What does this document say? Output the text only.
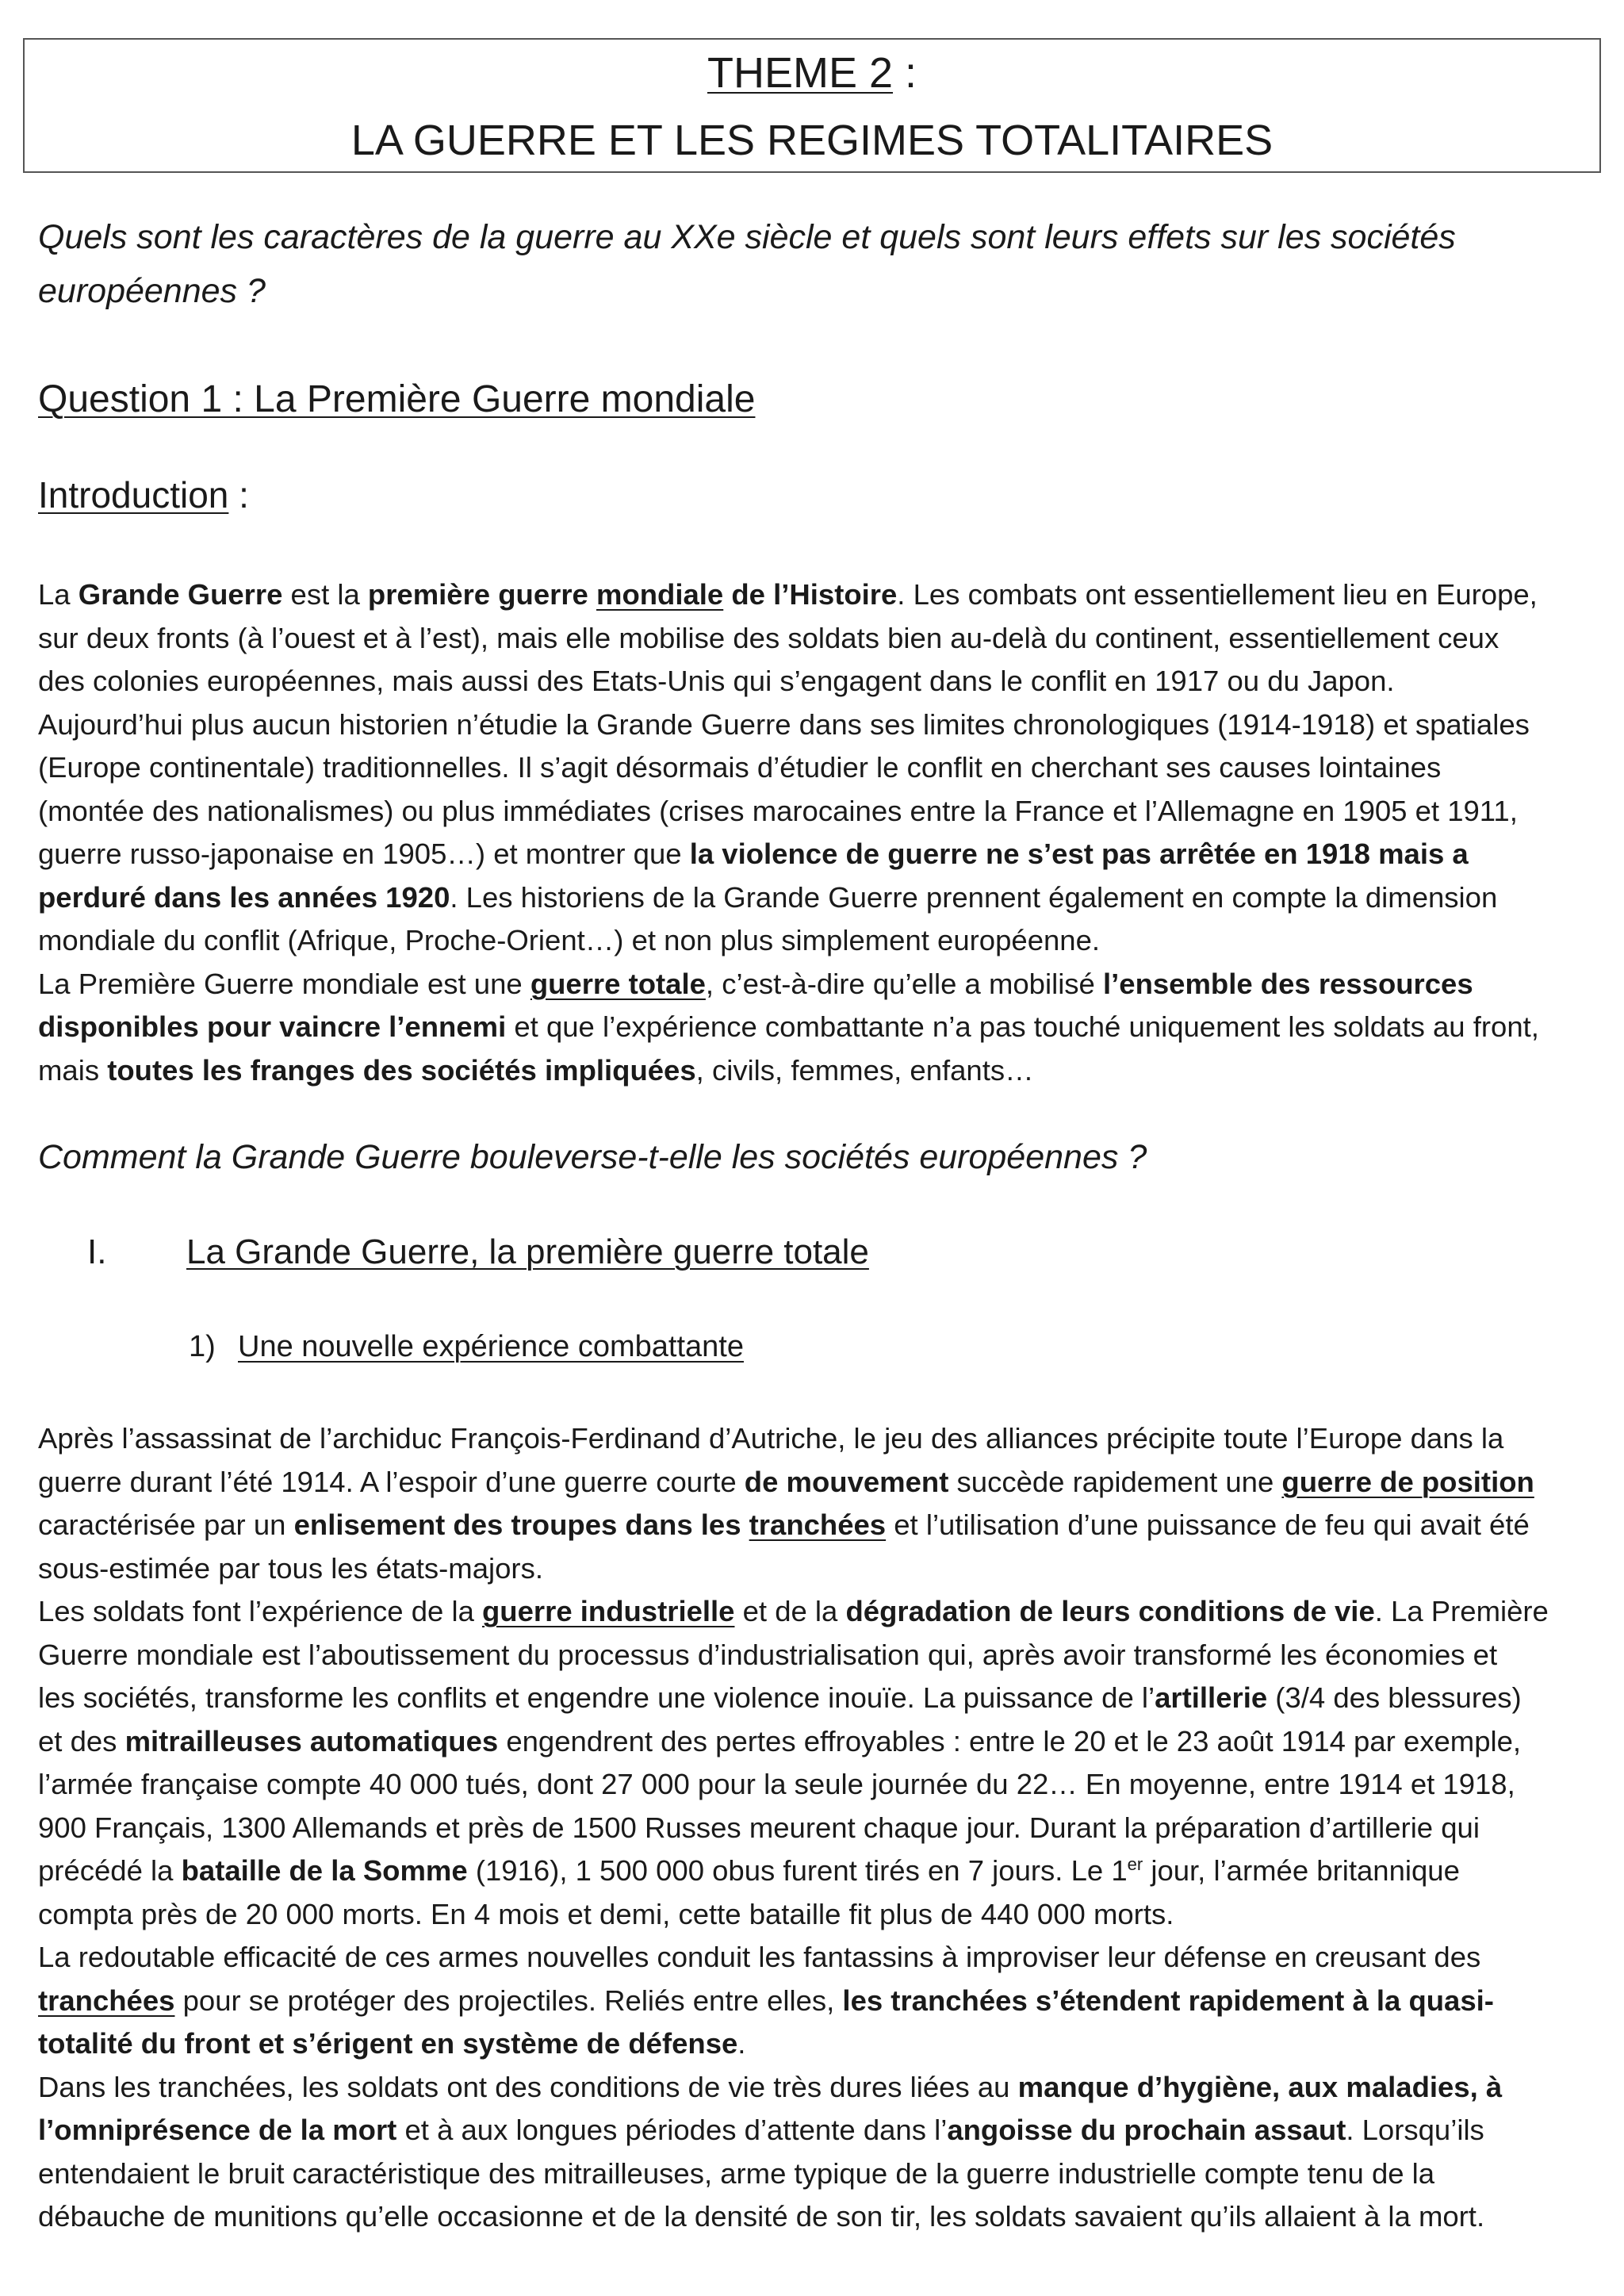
THEME 2 :
LA GUERRE ET LES REGIMES TOTALITAIRES
Quels sont les caractères de la guerre au XXe siècle et quels sont leurs effets sur les sociétés européennes ?
Question 1 : La Première Guerre mondiale
Introduction :

La Grande Guerre est la première guerre mondiale de l’Histoire. Les combats ont essentiellement lieu en Europe,

sur deux fronts (à l’ouest et à l’est), mais elle mobilise des soldats bien au-delà du continent, essentiellement ceux

des colonies européennes, mais aussi des Etats-Unis qui s’engagent dans le conflit en 1917 ou du Japon.

Aujourd’hui plus aucun historien n’étudie la Grande Guerre dans ses limites chronologiques (1914-1918) et spatiales

(Europe continentale) traditionnelles. Il s’agit désormais d’étudier le conflit en cherchant ses causes lointaines

(montée des nationalismes) ou plus immédiates (crises marocaines entre la France et l’Allemagne en 1905 et 1911,

guerre russo-japonaise en 1905…) et montrer que la violence de guerre ne s’est pas arrêtée en 1918 mais a

perduré dans les années 1920. Les historiens de la Grande Guerre prennent également en compte la dimension

mondiale du conflit (Afrique, Proche-Orient…) et non plus simplement européenne.

La Première Guerre mondiale est une guerre totale, c’est-à-dire qu’elle a mobilisé l’ensemble des ressources

disponibles pour vaincre l’ennemi et que l’expérience combattante n’a pas touché uniquement les soldats au front,

mais toutes les franges des sociétés impliquées, civils, femmes, enfants…

Comment la Grande Guerre bouleverse-t-elle les sociétés européennes ?
I. La Grande Guerre, la première guerre totale
1) Une nouvelle expérience combattante

Après l’assassinat de l’archiduc François-Ferdinand d’Autriche, le jeu des alliances précipite toute l’Europe dans la

guerre durant l’été 1914. A l’espoir d’une guerre courte de mouvement succède rapidement une guerre de position

caractérisée par un enlisement des troupes dans les tranchées et l’utilisation d’une puissance de feu qui avait été

sous-estimée par tous les états-majors.

Les soldats font l’expérience de la guerre industrielle et de la dégradation de leurs conditions de vie. La Première

Guerre mondiale est l’aboutissement du processus d’industrialisation qui, après avoir transformé les économies et

les sociétés, transforme les conflits et engendre une violence inouïe. La puissance de l’artillerie (3/4 des blessures)

et des mitrailleuses automatiques engendrent des pertes effroyables : entre le 20 et le 23 août 1914 par exemple,

l’armée française compte 40 000 tués, dont 27 000 pour la seule journée du 22… En moyenne, entre 1914 et 1918,

900 Français, 1300 Allemands et près de 1500 Russes meurent chaque jour. Durant la préparation d’artillerie qui

précédé la bataille de la Somme (1916), 1 500 000 obus furent tirés en 7 jours. Le 1er jour, l’armée britannique

compta près de 20 000 morts. En 4 mois et demi, cette bataille fit plus de 440 000 morts.

La redoutable efficacité de ces armes nouvelles conduit les fantassins à improviser leur défense en creusant des

tranchées pour se protéger des projectiles. Reliés entre elles, les tranchées s’étendent rapidement à la quasi-

totalité du front et s’érigent en système de défense.

Dans les tranchées, les soldats ont des conditions de vie très dures liées au manque d’hygiène, aux maladies, à

l’omniprésence de la mort et à aux longues périodes d’attente dans l’angoisse du prochain assaut. Lorsqu’ils

entendaient le bruit caractéristique des mitrailleuses, arme typique de la guerre industrielle compte tenu de la

débauche de munitions qu’elle occasionne et de la densité de son tir, les soldats savaient qu’ils allaient à la mort.
